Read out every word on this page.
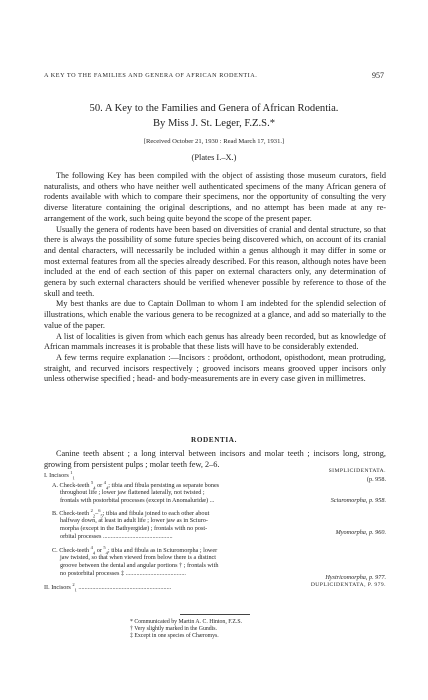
A KEY TO THE FAMILIES AND GENERA OF AFRICAN RODENTIA.	957
50. A Key to the Families and Genera of African Rodentia.
By Miss J. St. Leger, F.Z.S.*
[Received October 21, 1930 : Read March 17, 1931.]
(Plates I.–X.)

The following Key has been compiled with the object of assisting those museum curators, field naturalists, and others who have neither well authenticated specimens of the many African genera of rodents available with which to compare their specimens, nor the opportunity of consulting the very diverse literature containing the original descriptions, and no attempt has been made at any re-arrangement of the work, such being quite beyond the scope of the present paper.

Usually the genera of rodents have been based on diversities of cranial and dental structure, so that there is always the possibility of some future species being discovered which, on account of its cranial and dental characters, will necessarily be included within a genus although it may differ in some or most external features from all the species already described. For this reason, although notes have been included at the end of each section of this paper on external characters only, any determination of genera by such external characters should be verified whenever possible by reference to those of the skull and teeth.

My best thanks are due to Captain Dollman to whom I am indebted for the splendid selection of illustrations, which enable the various genera to be recognized at a glance, and add so materially to the value of the paper.

A list of localities is given from which each genus has already been recorded, but as knowledge of African mammals increases it is probable that these lists will have to be considerably extended.

A few terms require explanation :—Incisors : proödont, orthodont, opisthodont, mean protruding, straight, and recurved incisors respectively ; grooved incisors means grooved upper incisors only unless otherwise specified ; head- and body-measurements are in every case given in millimetres.

RODENTIA.

Canine teeth absent ; a long interval between incisors and molar teeth ; incisors long, strong, growing from persistent pulps ; molar teeth few, 2–6.

I. Incisors $^1_1$
SIMPLICIDENTATA.
(p. 958.
A. Check-teeth $^5_4$ or $^4_4$; tibia and fibula persisting as separate bones
throughout life ; lower jaw flattened laterally, not twisted ;
frontals with postorbital processes (except in Anomaluridæ) ...	Sciuromorpha, p. 958.
B. Check-teeth $^2_2$–$^6_5$; tibia and fibula joined to each other about
halfway down, at least in adult life ; lower jaw as in Sciuro-
morpha (except in the Bathyergidæ) ; frontals with no post-
orbital processes .............................................
Myomorpha, p. 960.
C. Check-teeth $^4_4$ or $^5_4$; tibia and fibula as in Sciuromorpha ; lower
jaw twisted, so that when viewed from below there is a distinct
groove between the dental and angular portions † ; frontals with
no postorbital processes ‡ .......................................
Hystricomorpha, p. 977.
II. Incisors $^2_1$ ............................................................	DUPLICIDENTATA, P. 979.
* Communicated by Martin A. C. Hinton, F.Z.S.
† Very slightly marked in the Gundis.
‡ Except in one species of Chæromys.
